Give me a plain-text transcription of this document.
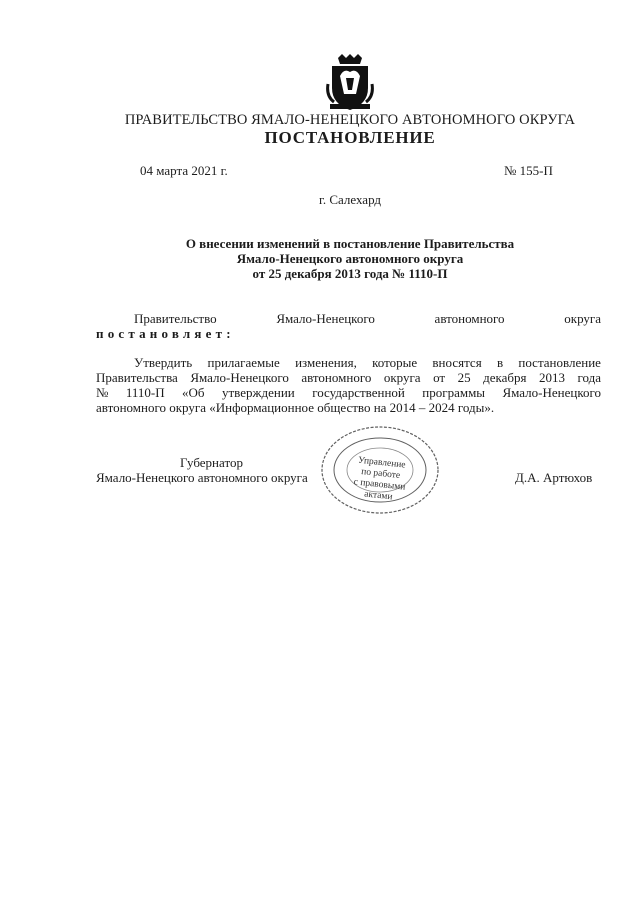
ПРАВИТЕЛЬСТВО ЯМАЛО-НЕНЕЦКОГО АВТОНОМНОГО ОКРУГА
ПОСТАНОВЛЕНИЕ
04 марта 2021 г.	№ 155-П
г. Салехард
О внесении изменений в постановление Правительства
Ямало-Ненецкого автономного округа
от 25 декабря 2013 года № 1110-П
Правительство	Ямало-Ненецкого	автономного	округа
постановляет:
Утвердить прилагаемые изменения, которые вносятся в постановление
Правительства Ямало-Ненецкого автономного округа от 25 декабря 2013 года
№ 1110-П «Об утверждении государственной программы Ямало-Ненецкого
автономного округа «Информационное общество на 2014 – 2024 годы».
Губернатор
Ямало-Ненецкого автономного округа	Д.А. Артюхов
Управление
по работе
с правовыми
актами
